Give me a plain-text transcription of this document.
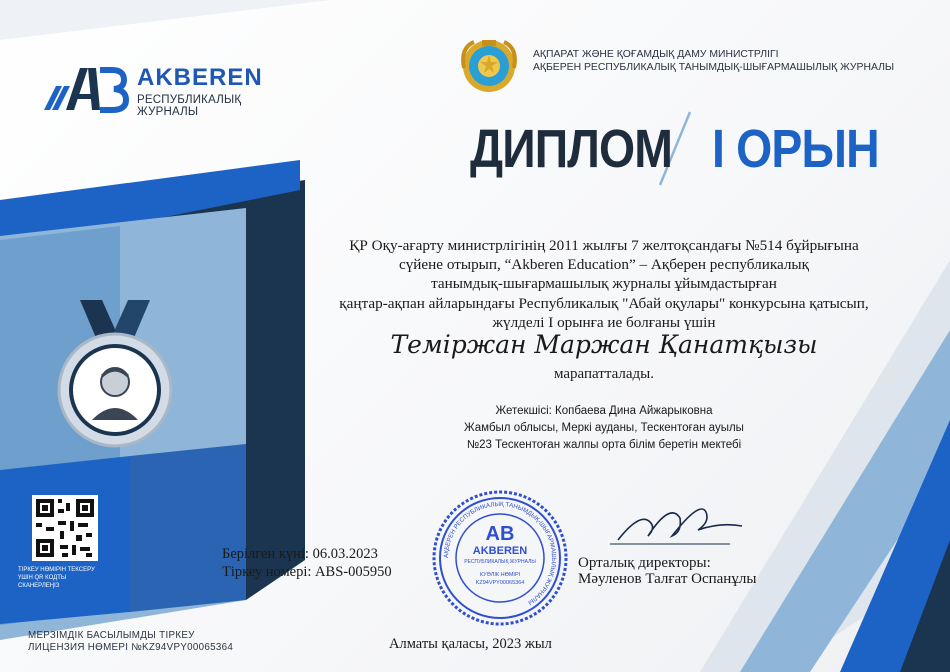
ТІРКЕУ НӨМІРІН ТЕКСЕРУ ҮШІН QR КОДТЫ СКАНЕРЛЕҢІЗ
AKBEREN
РЕСПУБЛИКАЛЫҚ ЖУРНАЛЫ
АҚПАРАТ ЖӘНЕ ҚОҒАМДЫҚ ДАМУ МИНИСТРЛІГІ
АҚБЕРЕН РЕСПУБЛИКАЛЫҚ ТАНЫМДЫҚ-ШЫҒАРМАШЫЛЫҚ ЖУРНАЛЫ
ДИПЛОМ I ОРЫН
ҚР Оқу-ағарту министрлігінің 2011 жылғы 7 желтоқсандағы №514 бұйрығына
сүйене отырып, “Akberen Education” – Ақберен республикалық
танымдық-шығармашылық журналы ұйымдастырған
қаңтар-ақпан айларындағы Республикалық "Абай оқулары" конкурсына қатысып,
жүлделі I орынға ие болғаны үшін
Теміржан Маржан Қанатқызы
марапатталады.
Жетекшісі: Копбаева Дина Айжарыковна
Жамбыл облысы, Меркі ауданы, Тескентоған ауылы
№23 Тескентоған жалпы орта білім беретін мектебі
Берілген күні: 06.03.2023
Тіркеу номері: ABS-005950
АҚБЕРЕН РЕСПУБЛИКАЛЫҚ ТАНЫМДЫҚ-ШЫҒАРМАШЫЛЫҚ ЖУРНАЛЫ
AB
AKBEREN
РЕСПУБЛИКАЛЫҚ ЖУРНАЛЫ
КУӘЛІК НӨМІРІ
KZ94VPY00065364
Орталық директоры:
Мәуленов Талғат Оспанұлы
Алматы қаласы, 2023 жыл
МЕРЗІМДІК БАСЫЛЫМДЫ ТІРКЕУ
ЛИЦЕНЗИЯ НӨМЕРІ №KZ94VPY00065364
